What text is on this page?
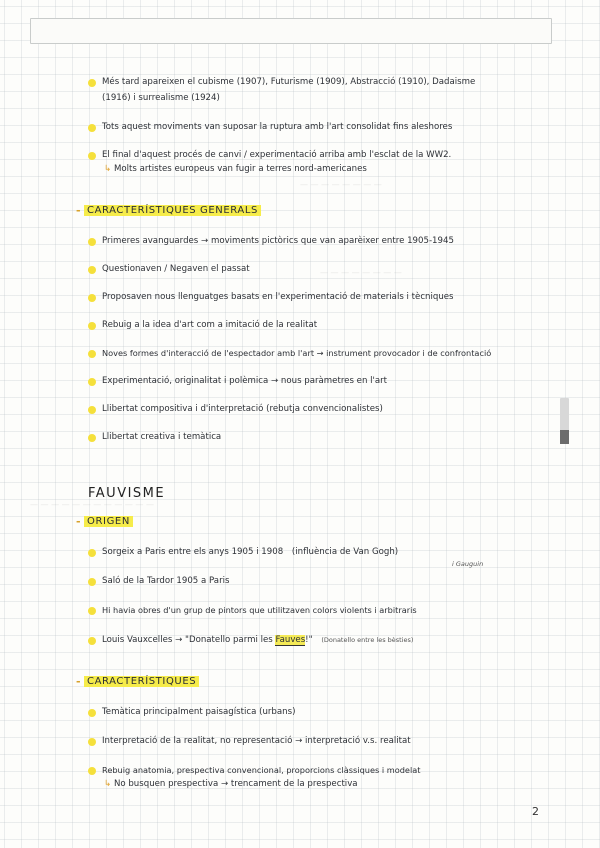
Més tard apareixen el cubisme (1907), Futurisme (1909), Abstracció (1910), Dadaisme
(1916) i surrealisme (1924)
Tots aquest moviments van suposar la ruptura amb l'art consolidat fins aleshores
El final d'aquest procés de canvi / experimentació arriba amb l'esclat de la WW2.
↳ Molts artistes europeus van fugir a terres nord-americanes
— — — — — — — —
— — — — — — — —
— — — — — — — — — — — —
- CARACTERÍSTIQUES GENERALS
Primeres avanguardes → moviments pictòrics que van aparèixer entre 1905-1945
Questionaven / Negaven el passat
Proposaven nous llenguatges basats en l'experimentació de materials i tècniques
Rebuig a la idea d'art com a imitació de la realitat
Noves formes d'interacció de l'espectador amb l'art → instrument provocador i de confrontació
Experimentació, originalitat i polèmica → nous paràmetres en l'art
Llibertat compositiva i d'interpretació (rebutja convencionalistes)
Llibertat creativa i temàtica
FAUVISME
- ORIGEN
Sorgeix a Paris entre els anys 1905 i 1908 (influència de Van Gogh)
i Gauguin
Saló de la Tardor 1905 a Paris
Hi havia obres d'un grup de pintors que utilitzaven colors violents i arbitraris
Louis Vauxcelles → "Donatello parmi les Fauves!" (Donatello entre les bèsties)
- CARACTERÍSTIQUES
Temàtica principalment paisagística (urbans)
Interpretació de la realitat, no representació → interpretació v.s. realitat
Rebuig anatomia, prespectiva convencional, proporcions clàssiques i modelat
↳ No busquen prespectiva → trencament de la prespectiva
2
